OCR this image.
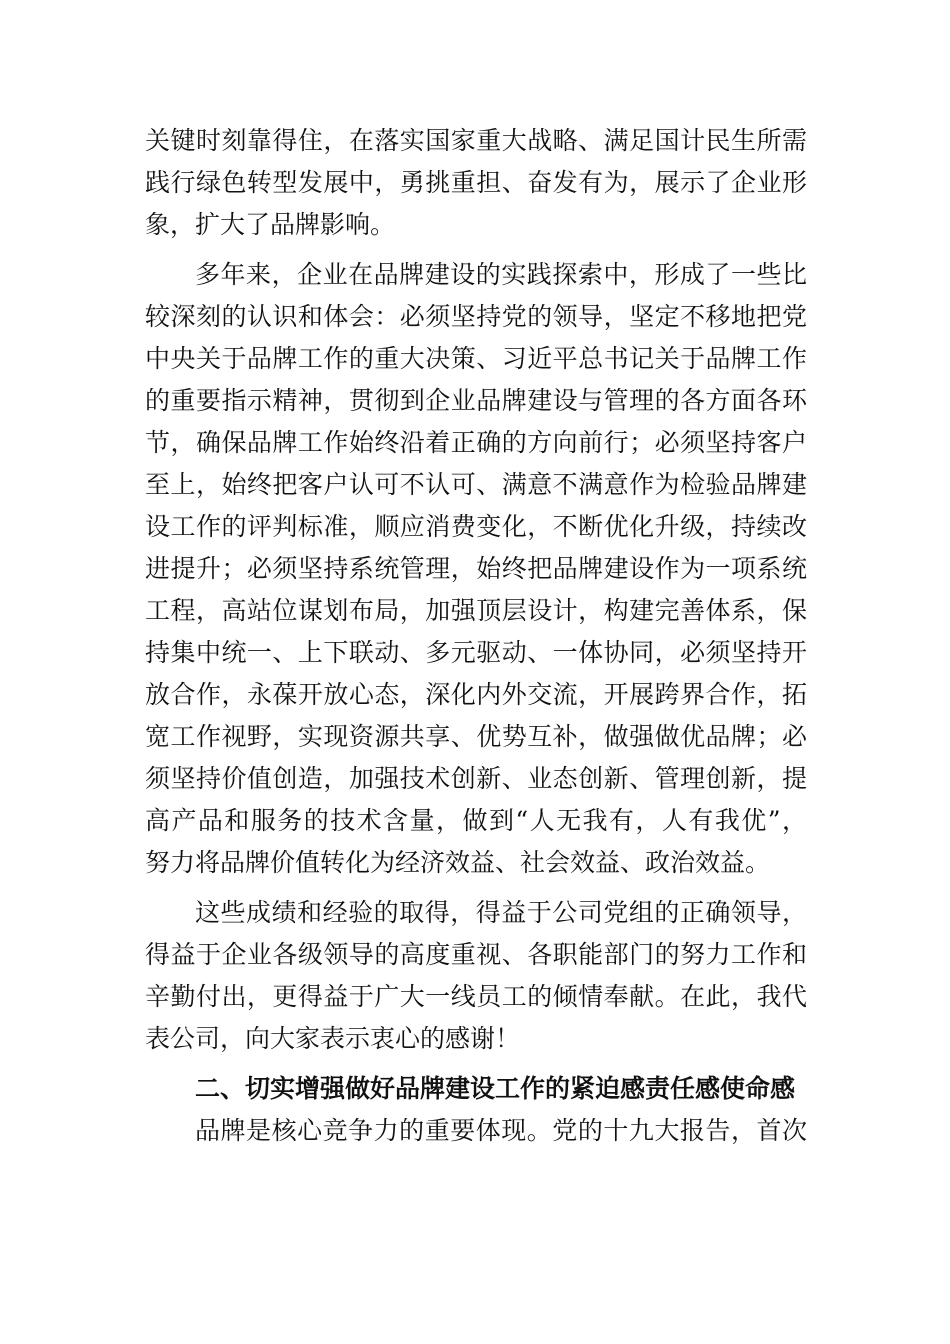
关键时刻靠得住，在落实国家重大战略、满足国计民生所需
践行绿色转型发展中，勇挑重担、奋发有为，展示了企业形
象，扩大了品牌影响。
多年来，企业在品牌建设的实践探索中，形成了一些比
较深刻的认识和体会：必须坚持党的领导，坚定不移地把党
中央关于品牌工作的重大决策、习近平总书记关于品牌工作
的重要指示精神，贯彻到企业品牌建设与管理的各方面各环
节，确保品牌工作始终沿着正确的方向前行；必须坚持客户
至上，始终把客户认可不认可、满意不满意作为检验品牌建
设工作的评判标准，顺应消费变化，不断优化升级，持续改
进提升；必须坚持系统管理，始终把品牌建设作为一项系统
工程，高站位谋划布局，加强顶层设计，构建完善体系，保
持集中统一、上下联动、多元驱动、一体协同，必须坚持开
放合作，永葆开放心态，深化内外交流，开展跨界合作，拓
宽工作视野，实现资源共享、优势互补，做强做优品牌；必
须坚持价值创造，加强技术创新、业态创新、管理创新，提
高产品和服务的技术含量，做到“人无我有，人有我优”，
努力将品牌价值转化为经济效益、社会效益、政治效益。
这些成绩和经验的取得，得益于公司党组的正确领导，
得益于企业各级领导的高度重视、各职能部门的努力工作和
辛勤付出，更得益于广大一线员工的倾情奉献。在此，我代
表公司，向大家表示衷心的感谢！
二、切实增强做好品牌建设工作的紧迫感责任感使命感
品牌是核心竞争力的重要体现。党的十九大报告，首次
